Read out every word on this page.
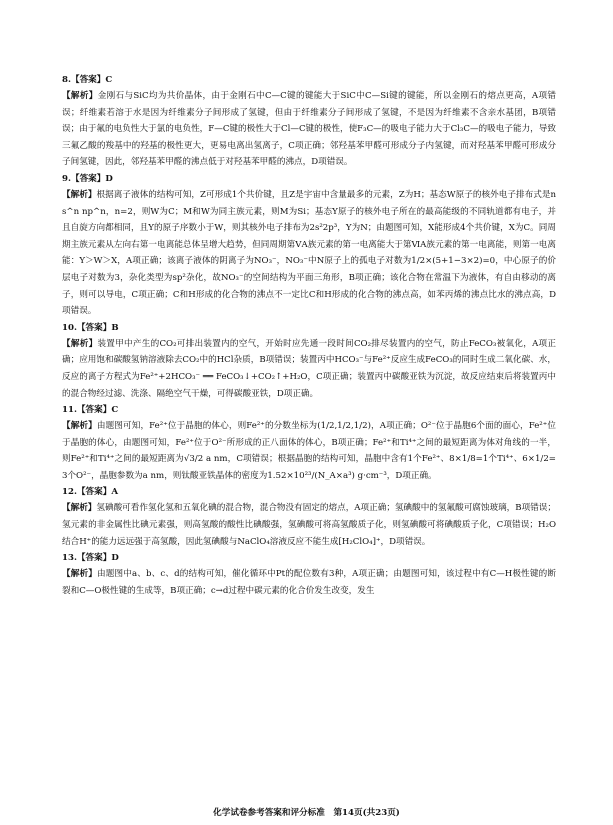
8.【答案】C
【解析】金刚石与SiC均为共价晶体，由于金刚石中C—C键的键能大于SiC中C—Si键的键能，所以金刚石的熔点更高，A项错误；纤维素若溶于水是因为纤维素分子间形成了氢键，但由于纤维素分子间形成了氢键，不是因为纤维素不含亲水基团，B项错误；由于氟的电负性大于氯的电负性，F—C键的极性大于Cl—C键的极性，使F₃C—的吸电子能力大于Cl₃C—的吸电子能力，导致三氟乙酸的羧基中的羟基的极性更大，更易电离出氢离子，C项正确；邻羟基苯甲醛可形成分子内氢键，而对羟基苯甲醛可形成分子间氢键，因此，邻羟基苯甲醛的沸点低于对羟基苯甲醛的沸点，D项错误。
9.【答案】D
【解析】根据离子液体的结构可知，Z可形成1个共价键，且Z是宇宙中含量最多的元素，Z为H；基态W原子的核外电子排布式是ns^n np^n，n=2，则W为C；M和W为同主族元素，则M为Si；基态Y原子的核外电子所在的最高能级的不同轨道都有电子，并且自旋方向都相同，且Y的原子序数小于W，则其核外电子排布为2s²2p³，Y为N；由题图可知，X能形成4个共价键，X为C。同周期主族元素从左向右第一电离能总体呈增大趋势，但同周期第ⅤA族元素的第一电离能大于第ⅥA族元素的第一电离能，则第一电离能：Y＞W＞X，A项正确；该离子液体的阴离子为NO₃⁻，NO₃⁻中N原子上的孤电子对数为1/2×(5+1−3×2)=0，中心原子的价层电子对数为3，杂化类型为sp²杂化，故NO₃⁻的空间结构为平面三角形，B项正确；该化合物在常温下为液体，有自由移动的离子，则可以导电，C项正确；C和H形成的化合物的沸点不一定比C和H形成的化合物的沸点高，如苯丙烯的沸点比水的沸点高，D项错误。
10.【答案】B
【解析】装置甲中产生的CO₂可排出装置内的空气，开始时应先通一段时间CO₂排尽装置内的空气，防止FeCO₃被氧化，A项正确；应用饱和碳酸氢钠溶液除去CO₂中的HCl杂质，B项错误；装置丙中HCO₃⁻与Fe²⁺反应生成FeCO₃的同时生成二氧化碳、水，反应的离子方程式为Fe²⁺+2HCO₃⁻ ══ FeCO₃↓+CO₂↑+H₂O，C项正确；装置丙中碳酸亚铁为沉淀，故反应结束后将装置丙中的混合物经过滤、洗涤、隔绝空气干燥，可得碳酸亚铁，D项正确。
11.【答案】C
【解析】由题图可知，Fe²⁺位于晶胞的体心，则Fe²⁺的分数坐标为(1/2,1/2,1/2)，A项正确；O²⁻位于晶胞6个面的面心，Fe²⁺位于晶胞的体心，由题图可知，Fe²⁺位于O²⁻所形成的正八面体的体心，B项正确；Fe²⁺和Ti⁴⁺之间的最短距离为体对角线的一半，则Fe²⁺和Ti⁴⁺之间的最短距离为√3/2 a nm，C项错误；根据晶胞的结构可知，晶胞中含有1个Fe²⁺、8×1/8=1个Ti⁴⁺、6×1/2=3个O²⁻，晶胞参数为a nm，则钛酸亚铁晶体的密度为1.52×10²³/(N_A×a³) g·cm⁻³，D项正确。
12.【答案】A
【解析】氢碘酸可看作氢化氢和五氧化碘的混合物，混合物没有固定的熔点，A项正确；氢碘酸中的氢氟酸可腐蚀玻璃，B项错误；氢元素的非金属性比碘元素强，则高氢酸的酸性比碘酸强，氢碘酸可将高氢酸质子化，则氢碘酸可将碘酸质子化，C项错误；H₂O结合H⁺的能力远远强于高氢酸，因此氢碘酸与NaClO₄溶液反应不能生成[H₂ClO₄]⁺，D项错误。
13.【答案】D
【解析】由题图中a、b、c、d的结构可知，催化循环中Pt的配位数有3种，A项正确；由题图可知，该过程中有C—H极性键的断裂和C—O极性键的生成等，B项正确；c→d过程中碳元素的化合价发生改变，发生
化学试卷参考答案和评分标准　第14页(共23页)
